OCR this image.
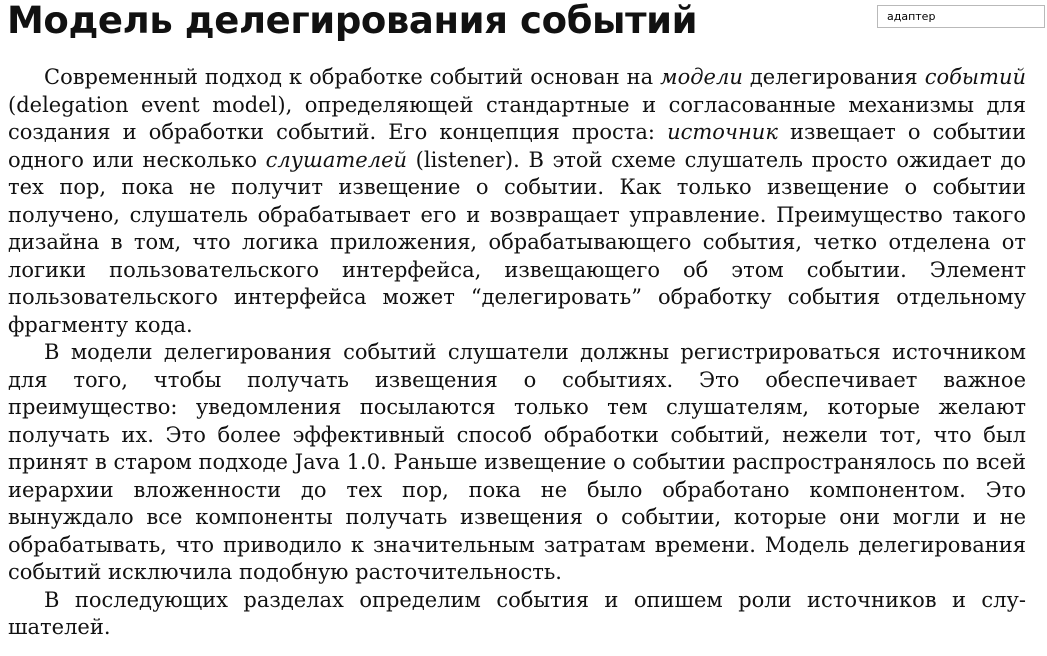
Модель делегирования событий
адаптер

Современный подход к обработке событий основан на модели делегирования событий (delegation event model), определяющей стандартные и согласованные механизмы для создания и обработки событий. Его концепция проста: источник извещает о событии одного или несколько слушателей (listener). В этой схеме слушатель просто ожидает до тех пор, пока не получит извещение о событии. Как только извещение о событии получено, слушатель обрабатывает его и возвращает управление. Преимущество такого дизайна в том, что логика приложения, обрабатывающего события, четко отделена от логики пользовательского интерфейса, извещающего об этом событии. Элемент пользовательского интерфейса может “делегировать” обработку события отдельному фрагменту кода.

В модели делегирования событий слушатели должны регистрироваться источником для того, чтобы получать извещения о событиях. Это обеспечивает важное преимущество: уведомления посылаются только тем слушателям, которые желают получать их. Это более эффективный способ обработки событий, нежели тот, что был принят в старом подходе Java 1.0. Раньше извещение о событии распространялось по всей иерархии вложенности до тех пор, пока не было обработано компонентом. Это вынуждало все компоненты получать извещения о событии, которые они могли и не обрабатывать, что приводило к значительным затратам времени. Модель делегирования событий исключила подобную расточительность.

В последующих разделах определим события и опишем роли источников и слушателей.
